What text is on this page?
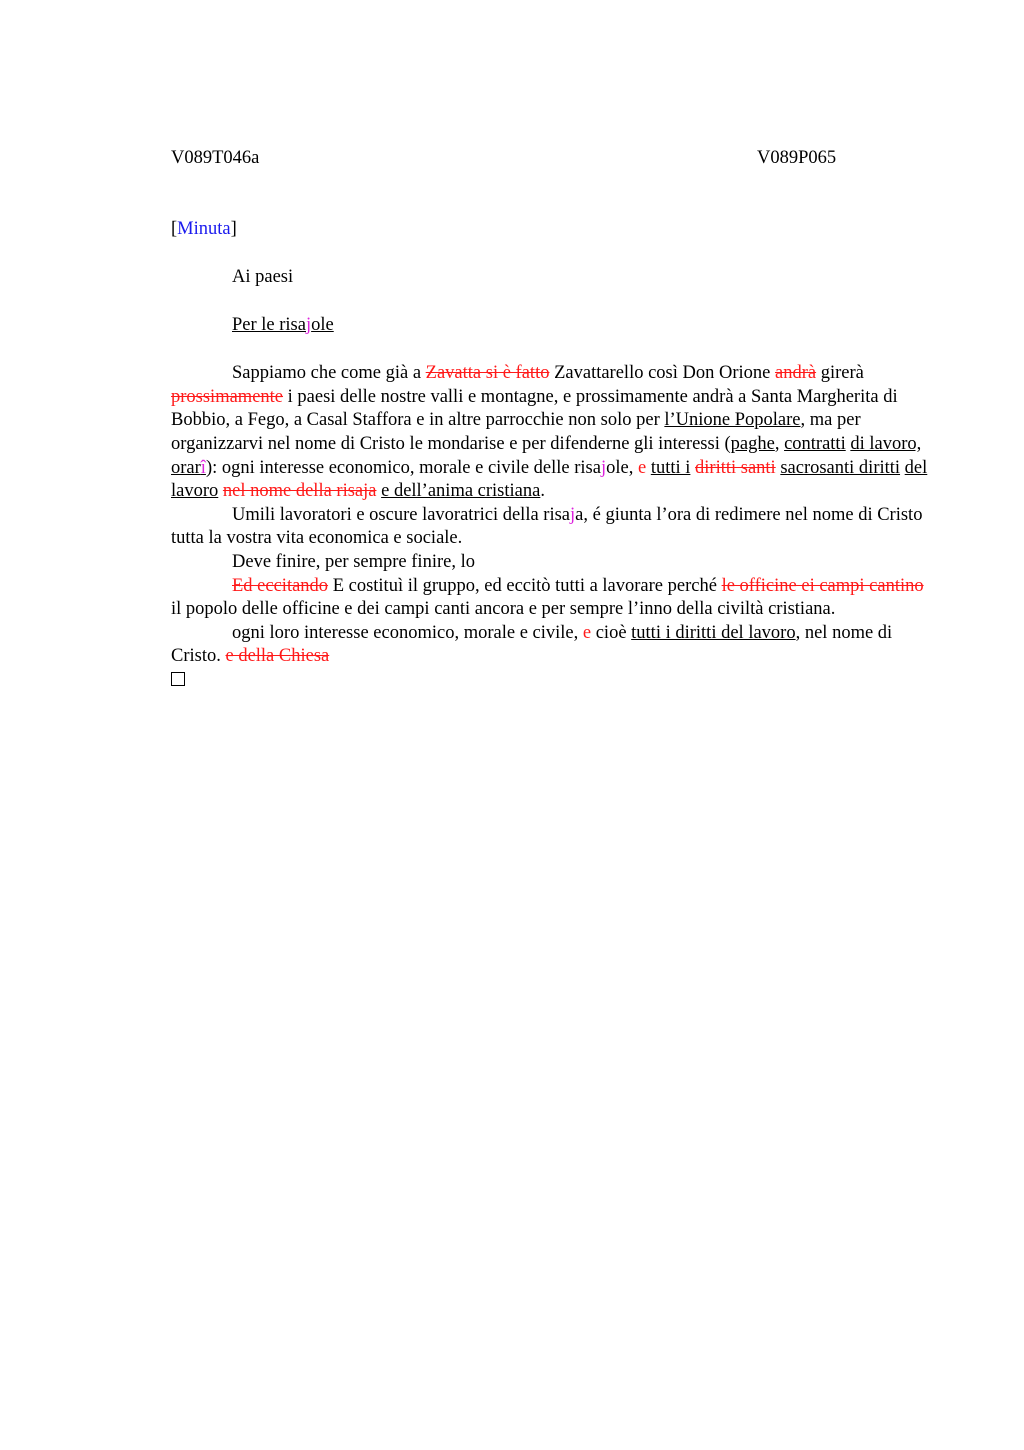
V089T046a	V089P065

[Minuta]

Ai paesi

Per le risajole

Sappiamo che come già a Zavatta si è fatto Zavattarello così Don Orione andrà girerà prossimamente i paesi delle nostre valli e montagne, e prossimamente andrà a Santa Margherita di Bobbio, a Fego, a Casal Staffora e in altre parrocchie non solo per l’Unione Popolare, ma per organizzarvi nel nome di Cristo le mondarise e per difenderne gli interessi (paghe, contratti di lavoro, orarî): ogni interesse economico, morale e civile delle risajole, e tutti i diritti santi sacrosanti diritti del lavoro nel nome della risaja e dell’anima cristiana.

Umili lavoratori e oscure lavoratrici della risaja, é giunta l’ora di redimere nel nome di Cristo tutta la vostra vita economica e sociale.

Deve finire, per sempre finire, lo

Ed eccitando E costituì il gruppo, ed eccitò tutti a lavorare perché le officine ei campi cantino il popolo delle officine e dei campi canti ancora e per sempre l’inno della civiltà cristiana.

ogni loro interesse economico, morale e civile, e cioè tutti i diritti del lavoro, nel nome di Cristo. e della Chiesa
